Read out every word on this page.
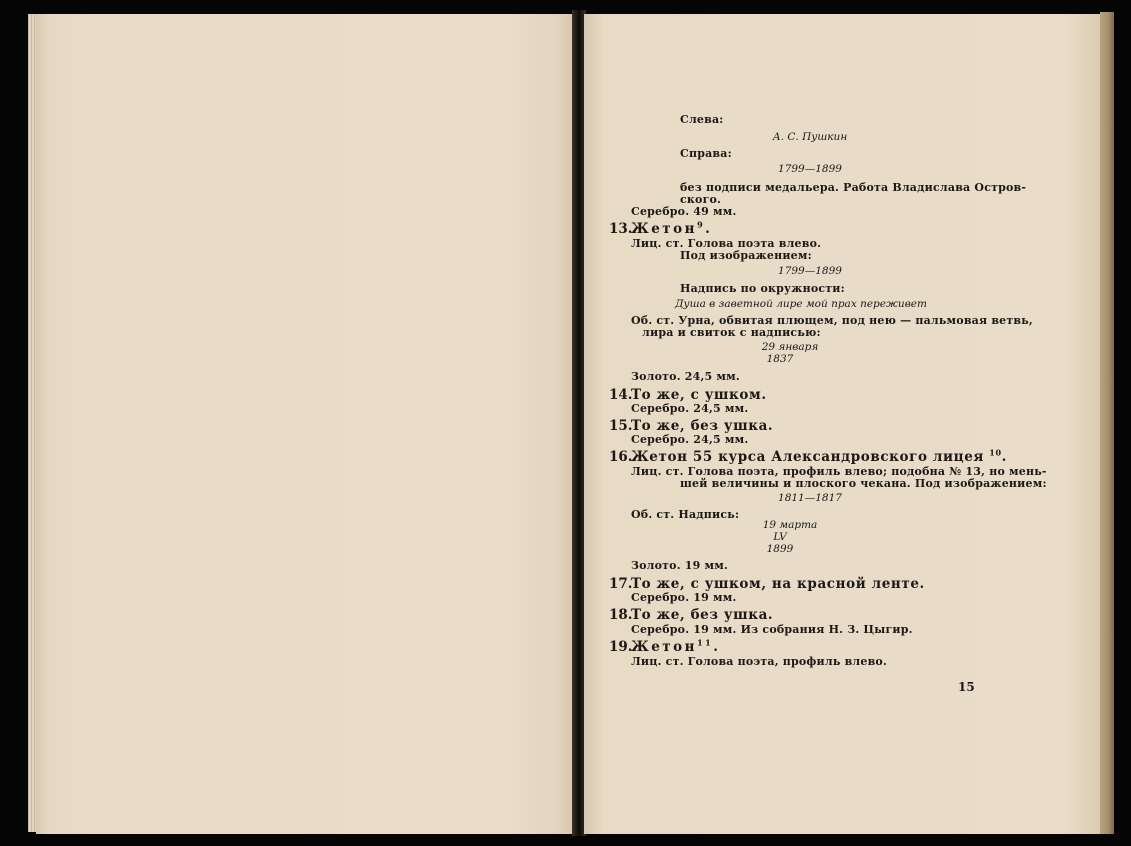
Слева:
А. С. Пушкин
Справа:
1799—1899
без подписи медальера. Работа Владислава Остров-
ского.
Серебро. 49 мм.
13.
Жетон$^9$.
Лиц. ст. Голова поэта влево.
Под изображением:
1799—1899
Надпись по окружности:
Душа в заветной лире мой прах переживет
Об. ст. Урна, обвитая плющем, под нею — пальмовая ветвь,
лира и свиток с надписью:
29 января
1837
Золото. 24,5 мм.
14.
То же, с ушком.
Серебро. 24,5 мм.
15.
То же, без ушка.
Серебро. 24,5 мм.
16.
Жетон 55 курса Александровского лицея $^{10}$.
Лиц. ст. Голова поэта, профиль влево; подобна № 13, но мень-
шей величины и плоского чекана. Под изображением:
1811—1817
Об. ст. Надпись:
19 марта
LV
1899
Золото. 19 мм.
17.
То же, с ушком, на красной ленте.
Серебро. 19 мм.
18.
То же, без ушка.
Серебро. 19 мм. Из собрания Н. З. Цыгир.
19.
Жетон$^{11}$.
Лиц. ст. Голова поэта, профиль влево.
15
